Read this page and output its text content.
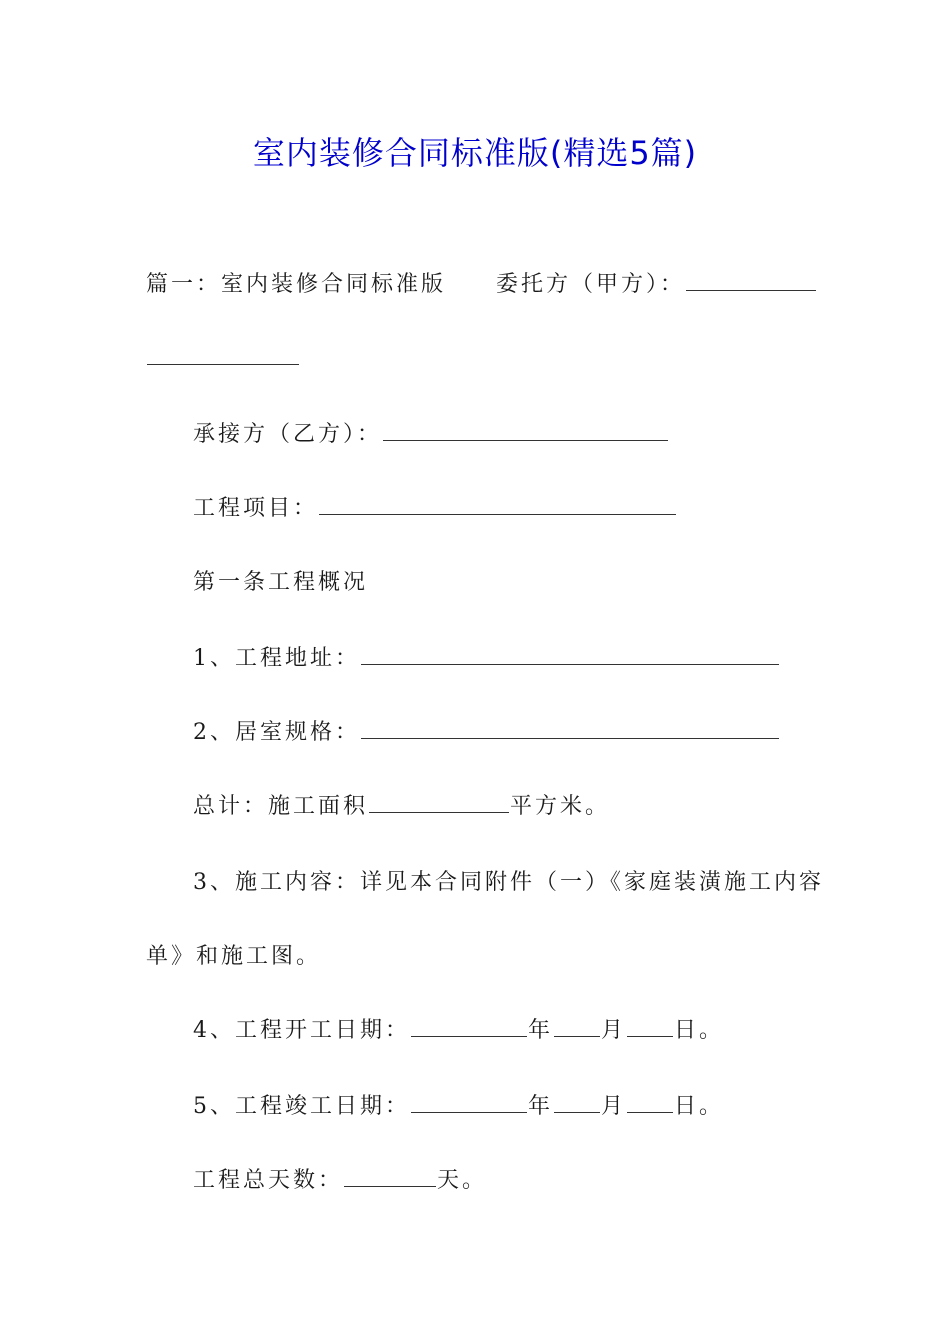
室内装修合同标准版(精选5篇)
篇一：室内装修合同标准版 委托方（甲方）：
承接方（乙方）：
工程项目：
第一条工程概况
1、工程地址：
2、居室规格：
总计：施工面积	平方米。
3、施工内容：详见本合同附件（一）《家庭装潢施工内容
单》和施工图。
4、工程开工日期：	年 月 日。
5、工程竣工日期：	年 月 日。
工程总天数：	天。
